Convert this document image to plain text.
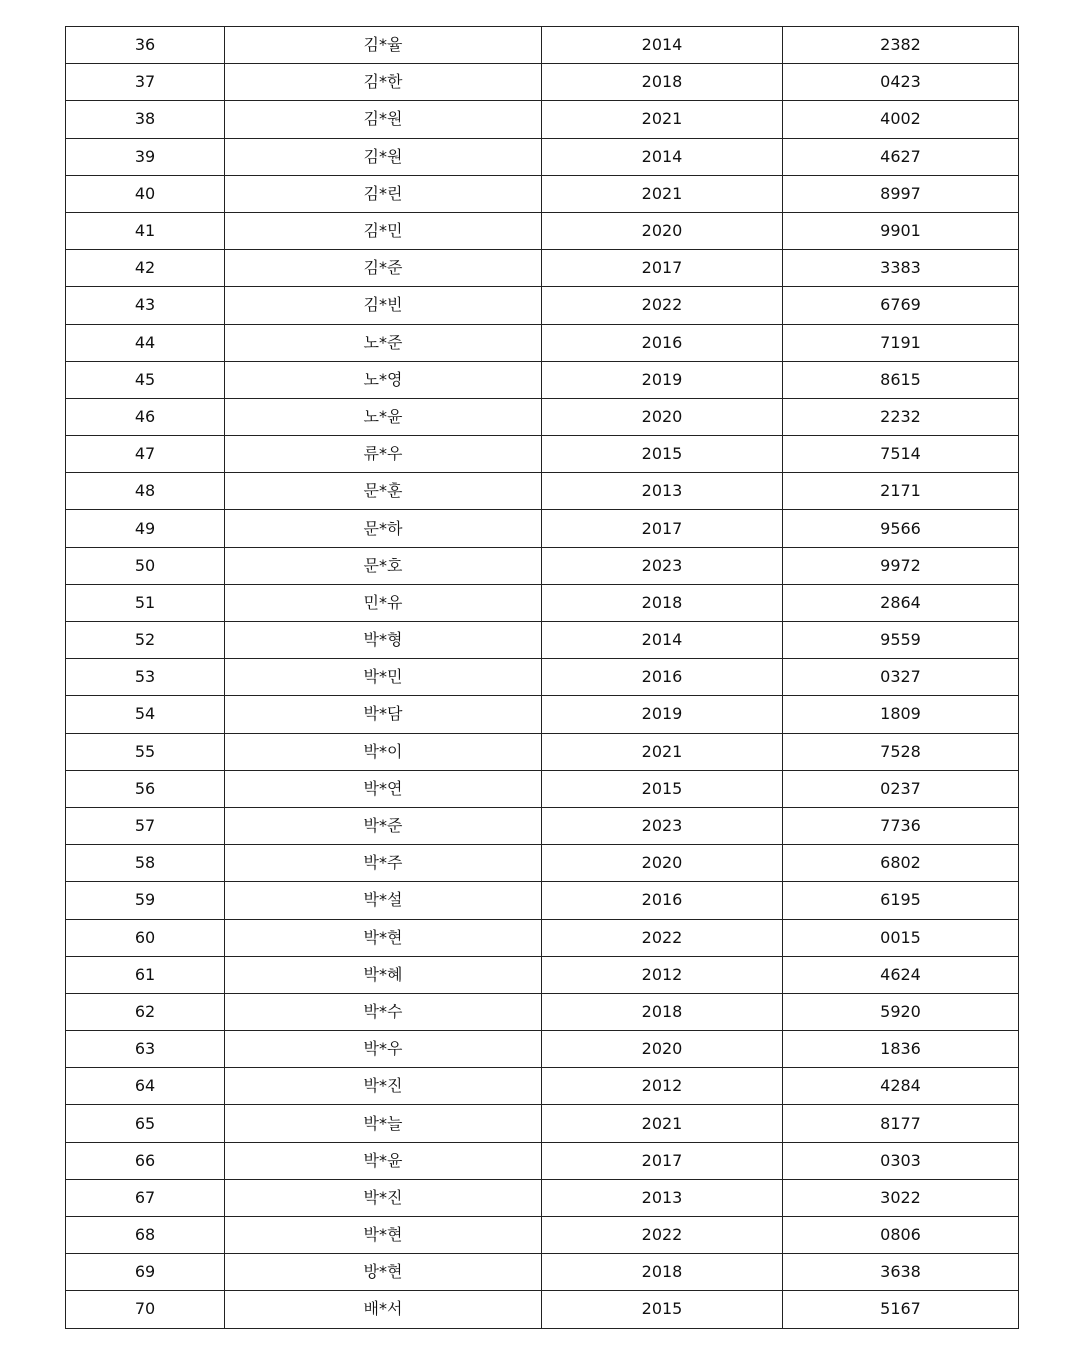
36	김*율	2014	2382
37	김*한	2018	0423
38	김*원	2021	4002
39	김*원	2014	4627
40	김*린	2021	8997
41	김*민	2020	9901
42	김*준	2017	3383
43	김*빈	2022	6769
44	노*준	2016	7191
45	노*영	2019	8615
46	노*윤	2020	2232
47	류*우	2015	7514
48	문*훈	2013	2171
49	문*하	2017	9566
50	문*호	2023	9972
51	민*유	2018	2864
52	박*형	2014	9559
53	박*민	2016	0327
54	박*담	2019	1809
55	박*이	2021	7528
56	박*연	2015	0237
57	박*준	2023	7736
58	박*주	2020	6802
59	박*설	2016	6195
60	박*현	2022	0015
61	박*혜	2012	4624
62	박*수	2018	5920
63	박*우	2020	1836
64	박*진	2012	4284
65	박*늘	2021	8177
66	박*윤	2017	0303
67	박*진	2013	3022
68	박*현	2022	0806
69	방*현	2018	3638
70	배*서	2015	5167
